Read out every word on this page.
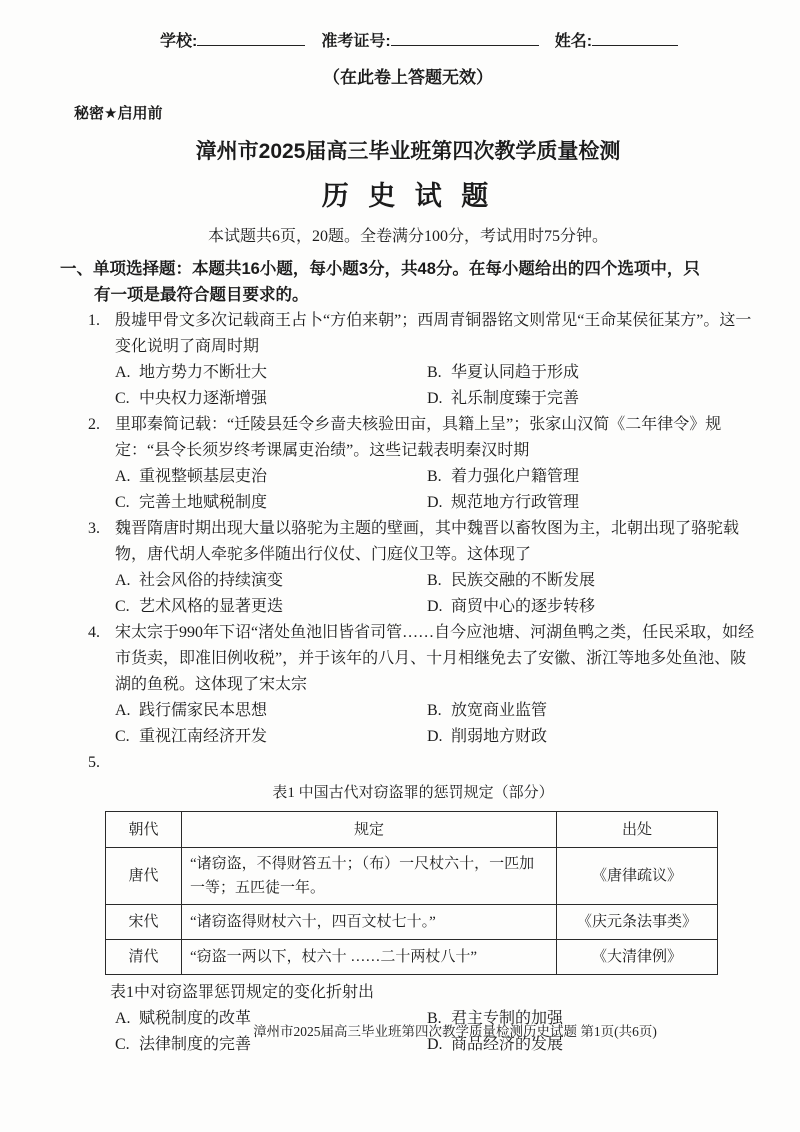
学校:	准考证号:	姓名:
（在此卷上答题无效）
秘密★启用前
漳州市2025届高三毕业班第四次教学质量检测
历 史 试 题
本试题共6页，20题。全卷满分100分，考试用时75分钟。
一、单项选择题：本题共16小题，每小题3分，共48分。在每小题给出的四个选项中，只
有一项是最符合题目要求的。
1. 殷墟甲骨文多次记载商王占卜“方伯来朝”；西周青铜器铭文则常见“王命某侯征某方”。这一变化说明了商周时期
A. 地方势力不断壮大	B. 华夏认同趋于形成
C. 中央权力逐渐增强	D. 礼乐制度臻于完善
2. 里耶秦简记载：“迁陵县廷令乡啬夫核验田亩，具籍上呈”；张家山汉简《二年律令》规定：“县令长须岁终考课属吏治绩”。这些记载表明秦汉时期
A. 重视整顿基层吏治	B. 着力强化户籍管理
C. 完善土地赋税制度	D. 规范地方行政管理
3. 魏晋隋唐时期出现大量以骆驼为主题的壁画，其中魏晋以畜牧图为主，北朝出现了骆驼载物，唐代胡人牵驼多伴随出行仪仗、门庭仪卫等。这体现了
A. 社会风俗的持续演变	B. 民族交融的不断发展
C. 艺术风格的显著更迭	D. 商贸中心的逐步转移
4. 宋太宗于990年下诏“渚处鱼池旧皆省司管……自今应池塘、河湖鱼鸭之类，任民采取，如经市货卖，即准旧例收税”，并于该年的八月、十月相继免去了安徽、浙江等地多处鱼池、陂湖的鱼税。这体现了宋太宗
A. 践行儒家民本思想	B. 放宽商业监管
C. 重视江南经济开发	D. 削弱地方财政
5.
表1 中国古代对窃盗罪的惩罚规定（部分）
朝代	规定	出处
唐代	“诸窃盗，不得财笞五十；（布）一尺杖六十，一匹加一等；五匹徒一年。	《唐律疏议》
宋代	“诸窃盗得财杖六十，四百文杖七十。”	《庆元条法事类》
清代	“窃盗一两以下，杖六十 ……二十两杖八十”	《大清律例》
表1中对窃盗罪惩罚规定的变化折射出
A. 赋税制度的改革	B. 君主专制的加强
C. 法律制度的完善	D. 商品经济的发展
漳州市2025届高三毕业班第四次教学质量检测历史试题 第1页(共6页)
